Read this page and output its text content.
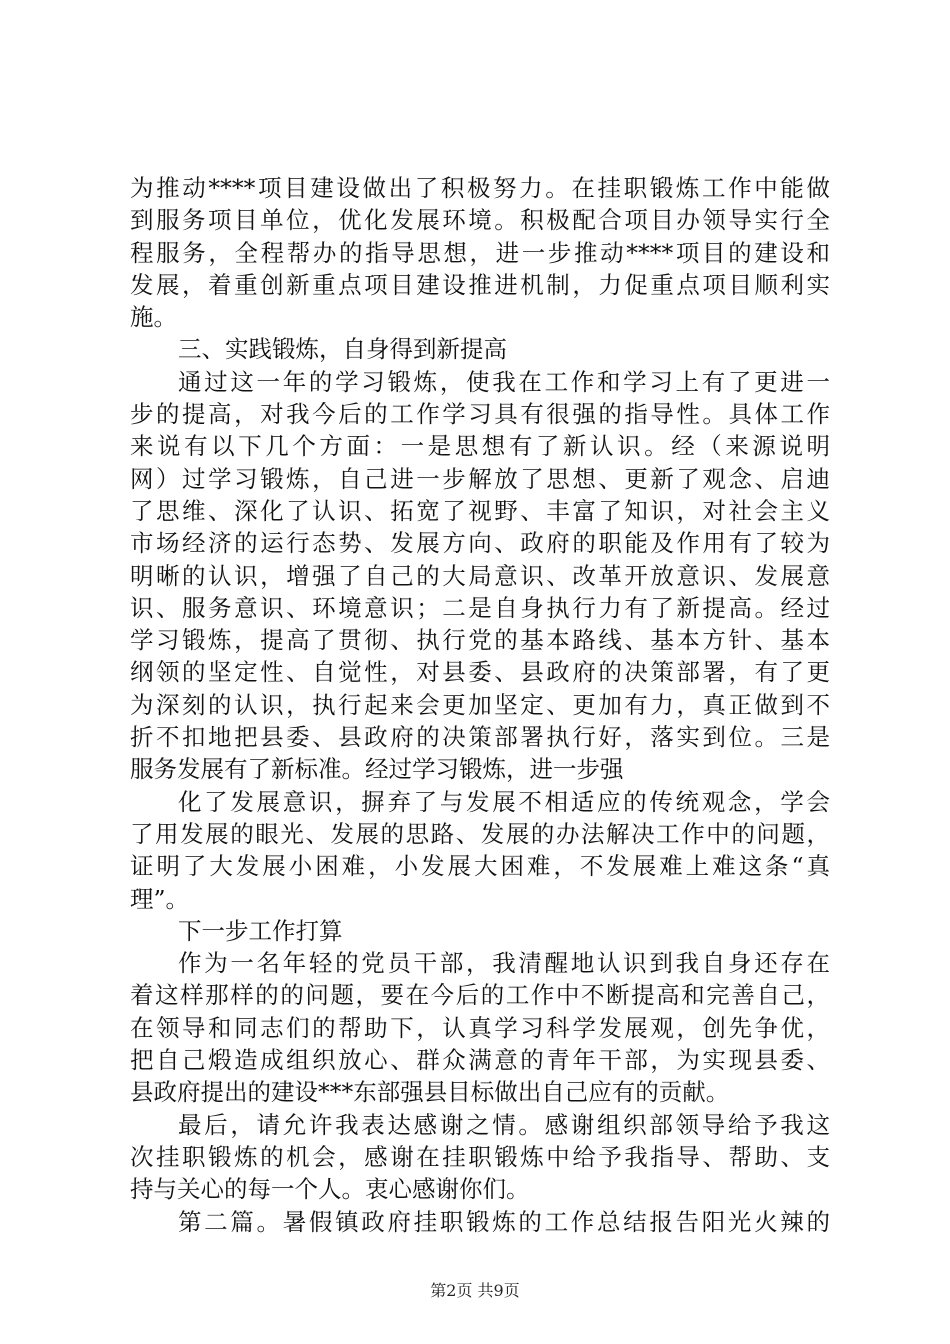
为推动****项目建设做出了积极努力。在挂职锻炼工作中能做
到服务项目单位，优化发展环境。积极配合项目办领导实行全
程服务，全程帮办的指导思想，进一步推动****项目的建设和
发展，着重创新重点项目建设推进机制，力促重点项目顺利实
施。
三、实践锻炼，自身得到新提高
通过这一年的学习锻炼，使我在工作和学习上有了更进一
步的提高，对我今后的工作学习具有很强的指导性。具体工作
来说有以下几个方面：一是思想有了新认识。经（来源说明
网）过学习锻炼，自己进一步解放了思想、更新了观念、启迪
了思维、深化了认识、拓宽了视野、丰富了知识，对社会主义
市场经济的运行态势、发展方向、政府的职能及作用有了较为
明晰的认识，增强了自己的大局意识、改革开放意识、发展意
识、服务意识、环境意识；二是自身执行力有了新提高。经过
学习锻炼，提高了贯彻、执行党的基本路线、基本方针、基本
纲领的坚定性、自觉性，对县委、县政府的决策部署，有了更
为深刻的认识，执行起来会更加坚定、更加有力，真正做到不
折不扣地把县委、县政府的决策部署执行好，落实到位。三是
服务发展有了新标准。经过学习锻炼，进一步强
化了发展意识，摒弃了与发展不相适应的传统观念，学会
了用发展的眼光、发展的思路、发展的办法解决工作中的问题，
证明了大发展小困难，小发展大困难，不发展难上难这条“真
理”。
下一步工作打算
作为一名年轻的党员干部，我清醒地认识到我自身还存在
着这样那样的的问题，要在今后的工作中不断提高和完善自己，
在领导和同志们的帮助下，认真学习科学发展观，创先争优，
把自己煅造成组织放心、群众满意的青年干部，为实现县委、
县政府提出的建设***东部强县目标做出自己应有的贡献。
最后，请允许我表达感谢之情。感谢组织部领导给予我这
次挂职锻炼的机会，感谢在挂职锻炼中给予我指导、帮助、支
持与关心的每一个人。衷心感谢你们。
第二篇。暑假镇政府挂职锻炼的工作总结报告阳光火辣的
第2页 共9页
